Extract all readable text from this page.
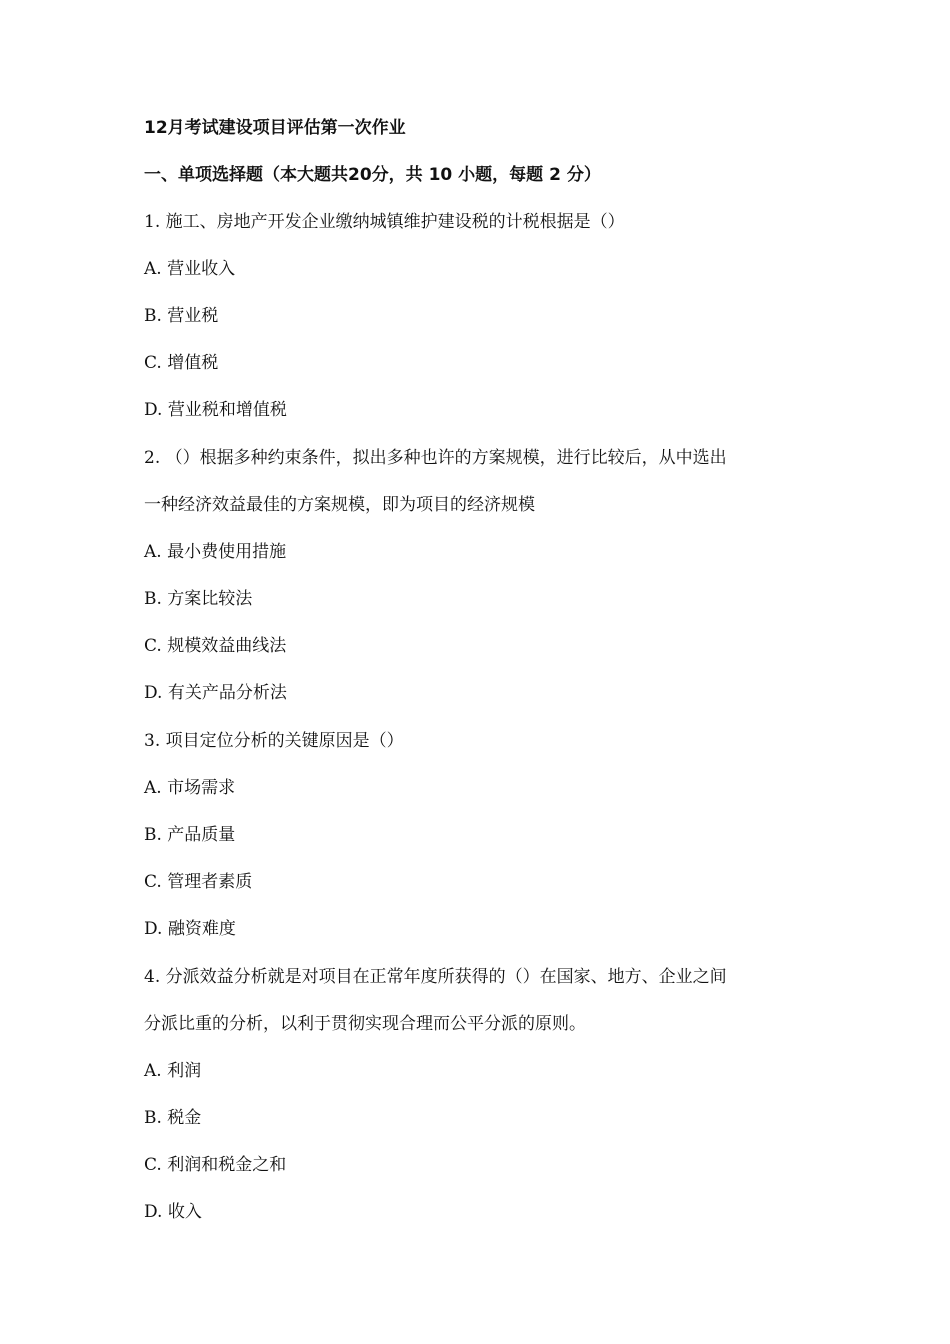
12月考试建设项目评估第一次作业
一、单项选择题（本大题共20分，共 10 小题，每题 2 分）
1. 施工、房地产开发企业缴纳城镇维护建设税的计税根据是（）
A. 营业收入
B. 营业税
C. 增值税
D. 营业税和增值税
2. （）根据多种约束条件，拟出多种也许的方案规模，进行比较后，从中选出
一种经济效益最佳的方案规模，即为项目的经济规模
A. 最小费使用措施
B. 方案比较法
C. 规模效益曲线法
D. 有关产品分析法
3. 项目定位分析的关键原因是（）
A. 市场需求
B. 产品质量
C. 管理者素质
D. 融资难度
4. 分派效益分析就是对项目在正常年度所获得的（）在国家、地方、企业之间
分派比重的分析，以利于贯彻实现合理而公平分派的原则。
A. 利润
B. 税金
C. 利润和税金之和
D. 收入
